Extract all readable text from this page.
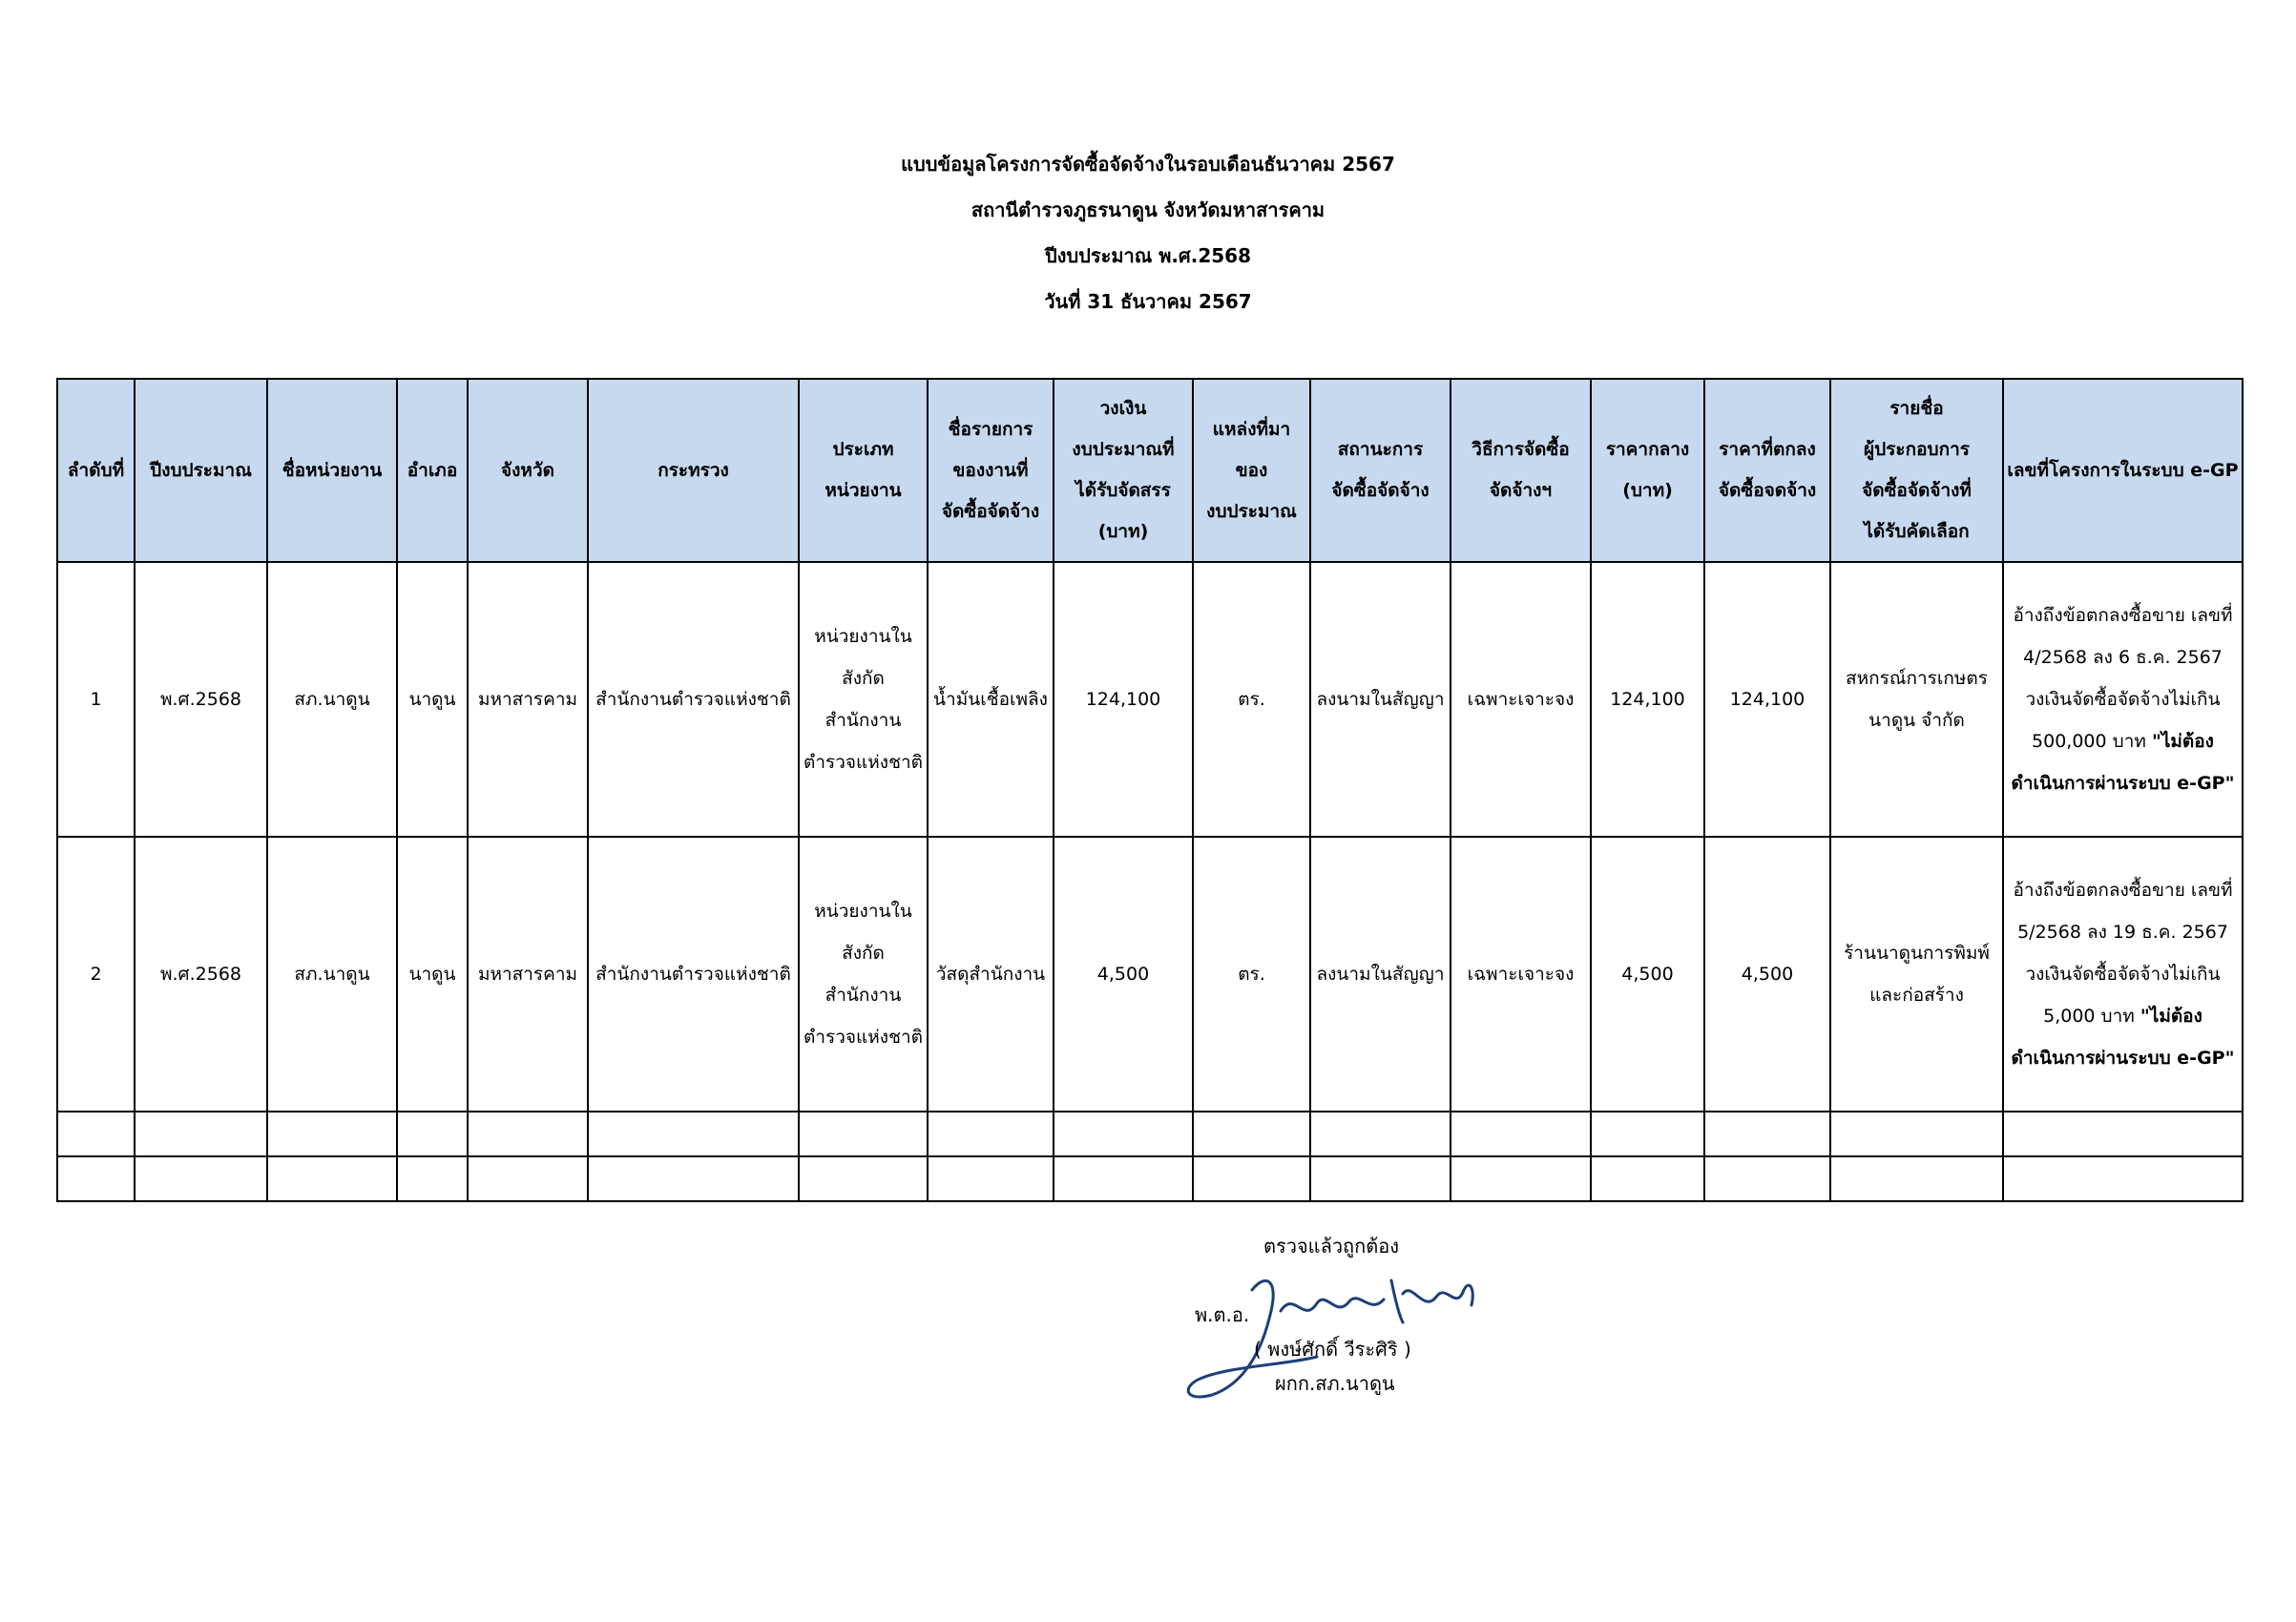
แบบข้อมูลโครงการจัดซื้อจัดจ้างในรอบเดือนธันวาคม 2567
สถานีตำรวจภูธรนาดูน จังหวัดมหาสารคาม
ปีงบประมาณ พ.ศ.2568
วันที่ 31 ธันวาคม 2567
ลำดับที่	ปีงบประมาณ	ชื่อหน่วยงาน	อำเภอ	จังหวัด	กระทรวง	ประเภท
หน่วยงาน	ชื่อรายการ
ของงานที่
จัดซื้อจัดจ้าง	วงเงิน
งบประมาณที่
ได้รับจัดสรร
(บาท)	แหล่งที่มา
ของ
งบประมาณ	สถานะการ
จัดซื้อจัดจ้าง	วิธีการจัดซื้อ
จัดจ้างฯ	ราคากลาง
(บาท)	ราคาที่ตกลง
จัดซื้อจดจ้าง	รายชื่อ
ผู้ประกอบการ
จัดซื้อจัดจ้างที่
ได้รับคัดเลือก	เลขที่โครงการในระบบ e-GP
1	พ.ศ.2568	สภ.นาดูน	นาดูน	มหาสารคาม	สำนักงานตำรวจแห่งชาติ	หน่วยงานใน
สังกัด
สำนักงาน
ตำรวจแห่งชาติ	น้ำมันเชื้อเพลิง	124,100	ตร.	ลงนามในสัญญา	เฉพาะเจาะจง	124,100	124,100	สหกรณ์การเกษตร
นาดูน จำกัด	อ้างถึงข้อตกลงซื้อขาย เลขที่
4/2568 ลง 6 ธ.ค. 2567
วงเงินจัดซื้อจัดจ้างไม่เกิน
500,000 บาท "ไม่ต้อง
ดำเนินการผ่านระบบ e-GP"

2	พ.ศ.2568	สภ.นาดูน	นาดูน	มหาสารคาม	สำนักงานตำรวจแห่งชาติ	หน่วยงานใน
สังกัด
สำนักงาน
ตำรวจแห่งชาติ	วัสดุสำนักงาน	4,500	ตร.	ลงนามในสัญญา	เฉพาะเจาะจง	4,500	4,500	ร้านนาดูนการพิมพ์
และก่อสร้าง	อ้างถึงข้อตกลงซื้อขาย เลขที่
5/2568 ลง 19 ธ.ค. 2567
วงเงินจัดซื้อจัดจ้างไม่เกิน
5,000 บาท "ไม่ต้อง
ดำเนินการผ่านระบบ e-GP"

ตรวจแล้วถูกต้อง
พ.ต.อ.
( พงษ์ศักดิ์ วีระศิริ )
ผกก.สภ.นาดูน
